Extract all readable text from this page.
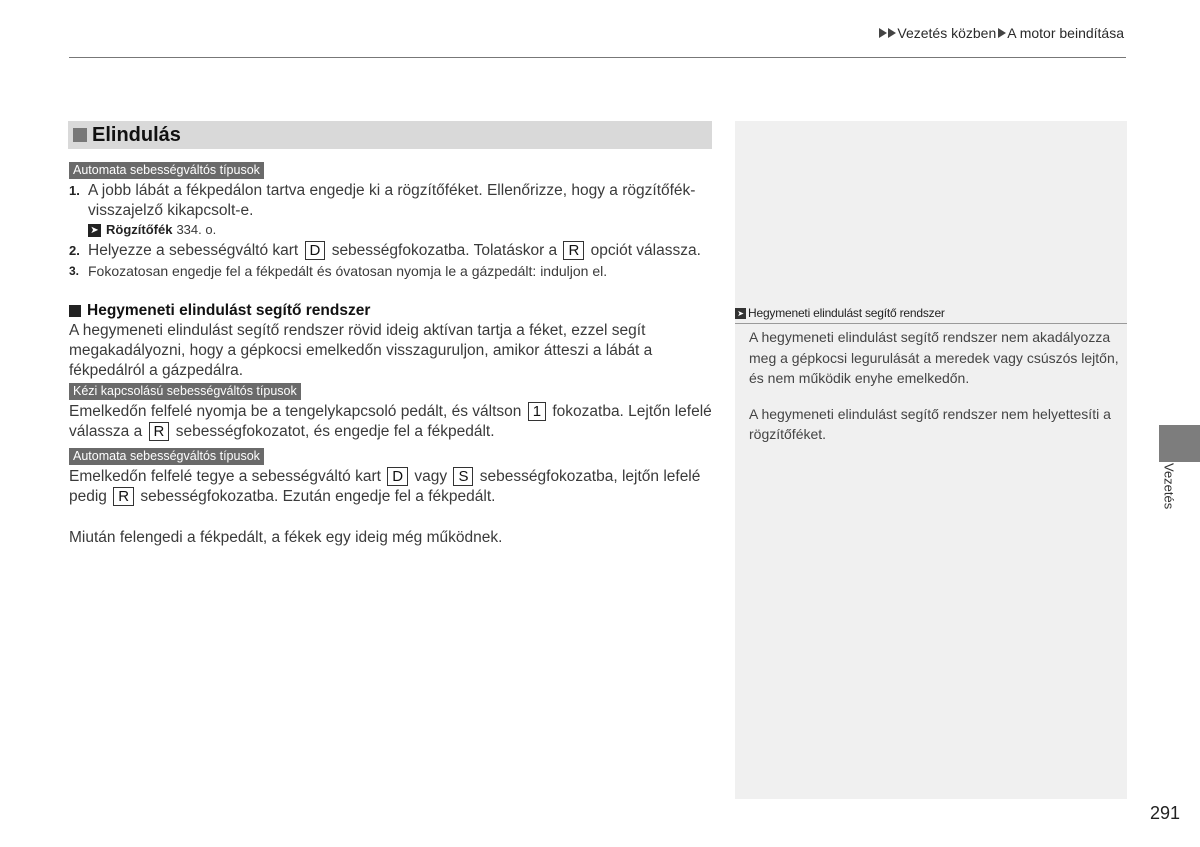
Vezetés közben A motor beindítása
Elindulás
Automata sebességváltós típusok
1. A jobb lábát a fékpedálon tartva engedje ki a rögzítőféket. Ellenőrizze, hogy a rögzítőfék-visszajelző kikapcsolt-e.
➤ Rögzítőfék 334. o.
2. Helyezze a sebességváltó kart D sebességfokozatba. Tolatáskor a R opciót válassza.
3. Fokozatosan engedje fel a fékpedált és óvatosan nyomja le a gázpedált: induljon el.
Hegymeneti elindulást segítő rendszer

A hegymeneti elindulást segítő rendszer rövid ideig aktívan tartja a féket, ezzel segít megakadályozni, hogy a gépkocsi emelkedőn visszaguruljon, amikor átteszi a lábát a fékpedálról a gázpedálra.

Kézi kapcsolású sebességváltós típusok

Emelkedőn felfelé nyomja be a tengelykapcsoló pedált, és váltson 1 fokozatba. Lejtőn lefelé válassza a R sebességfokozatot, és engedje fel a fékpedált.

Automata sebességváltós típusok

Emelkedőn felfelé tegye a sebességváltó kart D vagy S sebességfokozatba, lejtőn lefelé pedig R sebességfokozatba. Ezután engedje fel a fékpedált.

Miután felengedi a fékpedált, a fékek egy ideig még működnek.

➤ Hegymeneti elindulást segítő rendszer

A hegymeneti elindulást segítő rendszer nem akadályozza meg a gépkocsi legurulását a meredek vagy csúszós lejtőn, és nem működik enyhe emelkedőn.

A hegymeneti elindulást segítő rendszer nem helyettesíti a rögzítőféket.

Vezetés
291
